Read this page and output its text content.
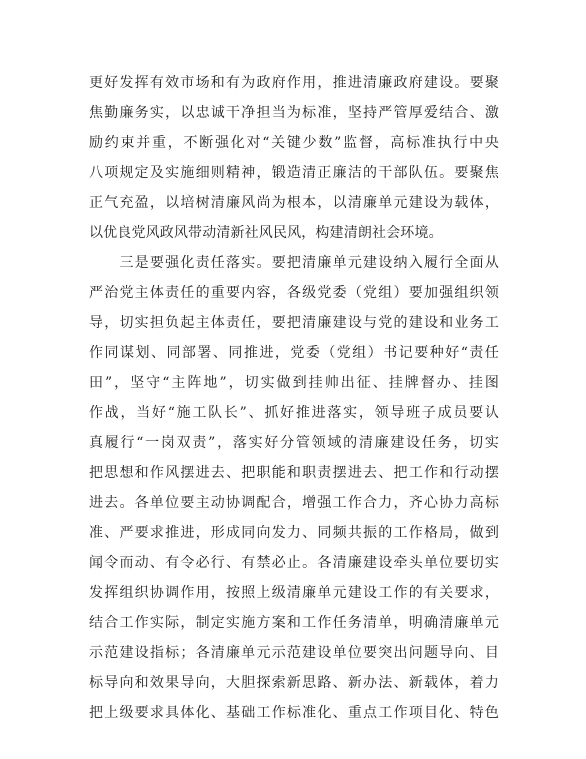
更好发挥有效市场和有为政府作用，推进清廉政府建设。要聚
焦勤廉务实，以忠诚干净担当为标准，坚持严管厚爱结合、激
励约束并重，不断强化对“关键少数”监督，高标准执行中央
八项规定及实施细则精神，锻造清正廉洁的干部队伍。要聚焦
正气充盈，以培树清廉风尚为根本，以清廉单元建设为载体，
以优良党风政风带动清新社风民风，构建清朗社会环境。
　　三是要强化责任落实。要把清廉单元建设纳入履行全面从
严治党主体责任的重要内容，各级党委（党组）要加强组织领
导，切实担负起主体责任，要把清廉建设与党的建设和业务工
作同谋划、同部署、同推进，党委（党组）书记要种好“责任
田”，坚守“主阵地”，切实做到挂帅出征、挂牌督办、挂图
作战，当好“施工队长”、抓好推进落实，领导班子成员要认
真履行“一岗双责”，落实好分管领域的清廉建设任务，切实
把思想和作风摆进去、把职能和职责摆进去、把工作和行动摆
进去。各单位要主动协调配合，增强工作合力，齐心协力高标
准、严要求推进，形成同向发力、同频共振的工作格局，做到
闻令而动、有令必行、有禁必止。各清廉建设牵头单位要切实
发挥组织协调作用，按照上级清廉单元建设工作的有关要求，
结合工作实际，制定实施方案和工作任务清单，明确清廉单元
示范建设指标；各清廉单元示范建设单位要突出问题导向、目
标导向和效果导向，大胆探索新思路、新办法、新载体，着力
把上级要求具体化、基础工作标准化、重点工作项目化、特色
